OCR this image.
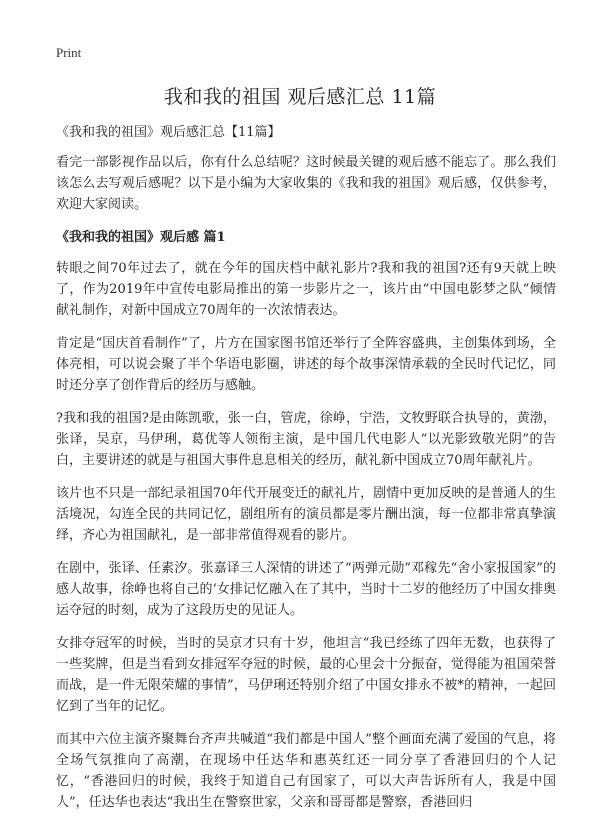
Print
我和我的祖国 观后感汇总 11篇

《我和我的祖国》观后感汇总【11篇】

看完一部影视作品以后，你有什么总结呢？这时候最关键的观后感不能忘了。那么我们该怎么去写观后感呢？以下是小编为大家收集的《我和我的祖国》观后感，仅供参考，欢迎大家阅读。

《我和我的祖国》观后感 篇1

转眼之间70年过去了，就在今年的国庆档中献礼影片?我和我的祖国?还有9天就上映了，作为2019年中宣传电影局推出的第一步影片之一，该片由“中国电影梦之队”倾情献礼制作，对新中国成立70周年的一次浓情表达。

肯定是“国庆首看制作”了，片方在国家图书馆还举行了全阵容盛典，主创集体到场，全体亮相，可以说会聚了半个华语电影圈，讲述的每个故事深情承载的全民时代记忆，同时还分享了创作背后的经历与感触。

?我和我的祖国?是由陈凯歌，张一白，管虎，徐峥，宁浩，文牧野联合执导的，黄渤，张译，吴京，马伊琍，葛优等人领衔主演，是中国几代电影人“以光影致敬光阴”的告白，主要讲述的就是与祖国大事件息息相关的经历，献礼新中国成立70周年献礼片。

该片也不只是一部纪录祖国70年代开展变迁的献礼片，剧情中更加反映的是普通人的生活境况，勾连全民的共同记忆，剧组所有的演员都是零片酬出演，每一位都非常真挚演绎，齐心为祖国献礼，是一部非常值得观看的影片。

在剧中，张译、任素汐。张嘉译三人深情的讲述了“两弹元勋”邓稼先“舍小家报国家”的感人故事，徐峥也将自己的‘女排记忆融入在了其中，当时十二岁的他经历了中国女排奥运夺冠的时刻，成为了这段历史的见证人。

女排夺冠军的时候，当时的吴京才只有十岁，他坦言“我已经练了四年无数，也获得了一些奖牌，但是当看到女排冠军夺冠的时候，最的心里会十分振奋，觉得能为祖国荣誉而战，是一件无限荣耀的事情”，马伊琍还特别介绍了中国女排永不被*的精神，一起回忆到了当年的记忆。

而其中六位主演齐聚舞台齐声共喊道“我们都是中国人”整个画面充满了爱国的气息，将全场气氛推向了高潮，在现场中任达华和惠英红还一同分享了香港回归的个人记忆，“香港回归的时候，我终于知道自己有国家了，可以大声告诉所有人，我是中国人”，任达华也表达“我出生在警察世家，父亲和哥哥都是警察，香港回归
